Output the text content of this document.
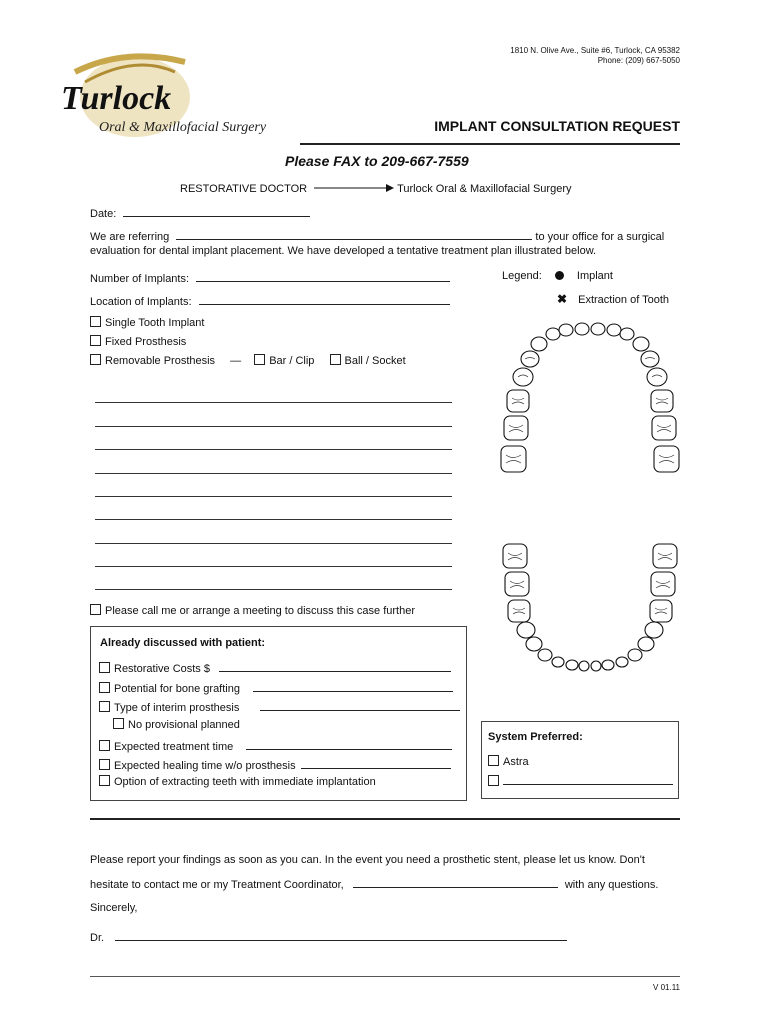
1810 N. Olive Ave., Suite #6, Turlock, CA 95382
Phone: (209) 667-5050
Turlock
Oral & Maxillofacial Surgery	IMPLANT CONSULTATION REQUEST
Please FAX to 209-667-7559
RESTORATIVE DOCTOR	Turlock Oral & Maxillofacial Surgery
Date:
We are referring	to your office for a surgical
evaluation for dental implant placement. We have developed a tentative treatment plan illustrated below.
Number of Implants:
Location of Implants:
Legend:	Implant
✖ Extraction of Tooth
Single Tooth Implant
Fixed Prosthesis
Removable Prosthesis —	Bar / Clip	Ball / Socket
Please call me or arrange a meeting to discuss this case further
Already discussed with patient:
Restorative Costs $
Potential for bone grafting
Type of interim prosthesis
No provisional planned
Expected treatment time
Expected healing time w/o prosthesis
Option of extracting teeth with immediate implantation
System Preferred:
Astra
Please report your findings as soon as you can. In the event you need a prosthetic stent, please let us know. Don't
hesitate to contact me or my Treatment Coordinator,	with any questions.
Sincerely,
Dr.
V 01.11
